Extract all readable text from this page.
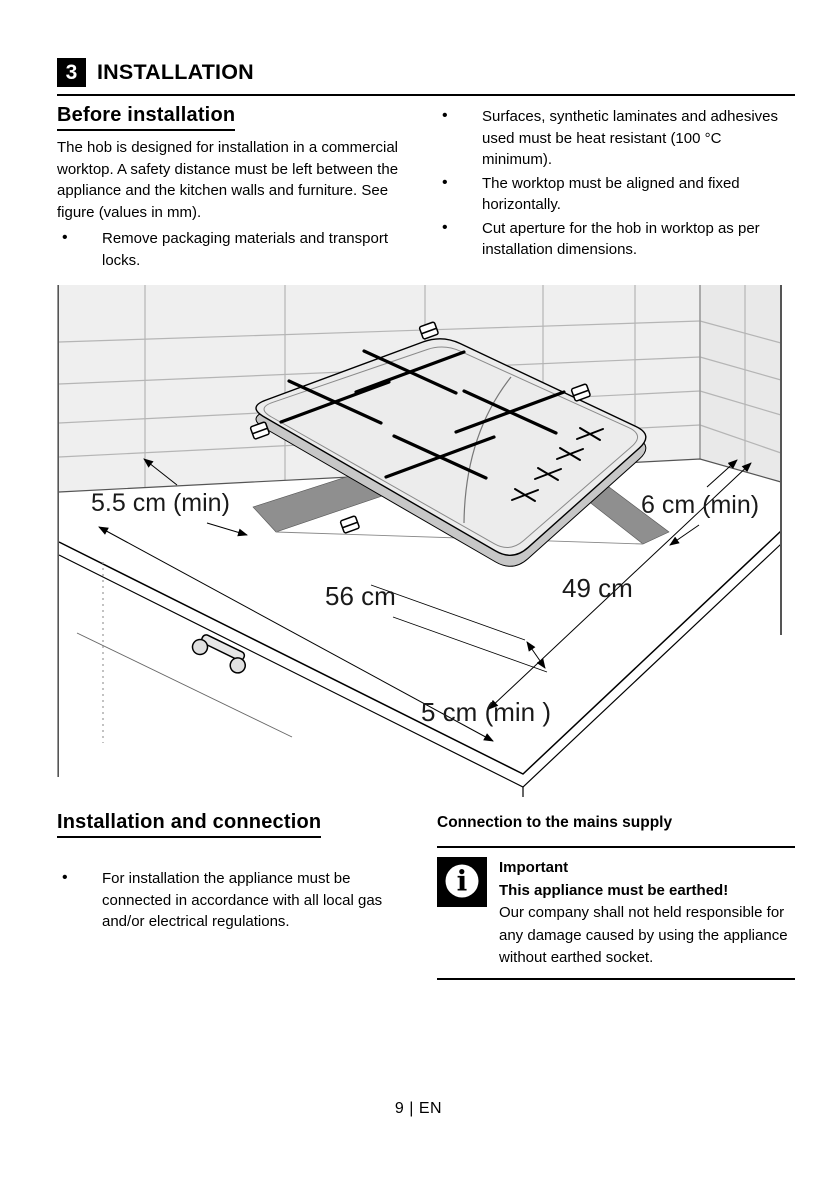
3 INSTALLATION
Before installation

The hob is designed for installation in a commercial worktop. A safety distance must be left between the appliance and the kitchen walls and furniture. See figure (values in mm).

• Remove packaging materials and transport locks.
• Surfaces, synthetic laminates and adhesives used must be heat resistant (100 °C minimum).
• The worktop must be aligned and fixed horizontally.
• Cut aperture for the hob in worktop as per installation dimensions.
5.5 cm (min)	6 cm (min)
56 cm	49 cm
5 cm (min )
Installation and connection
• For installation the appliance must be connected in accordance with all local gas and/or electrical regulations.
Connection to the mains supply
i Important

This appliance must be earthed!

Our company shall not held responsible for any damage caused by using the appliance without earthed socket.

9 | EN
